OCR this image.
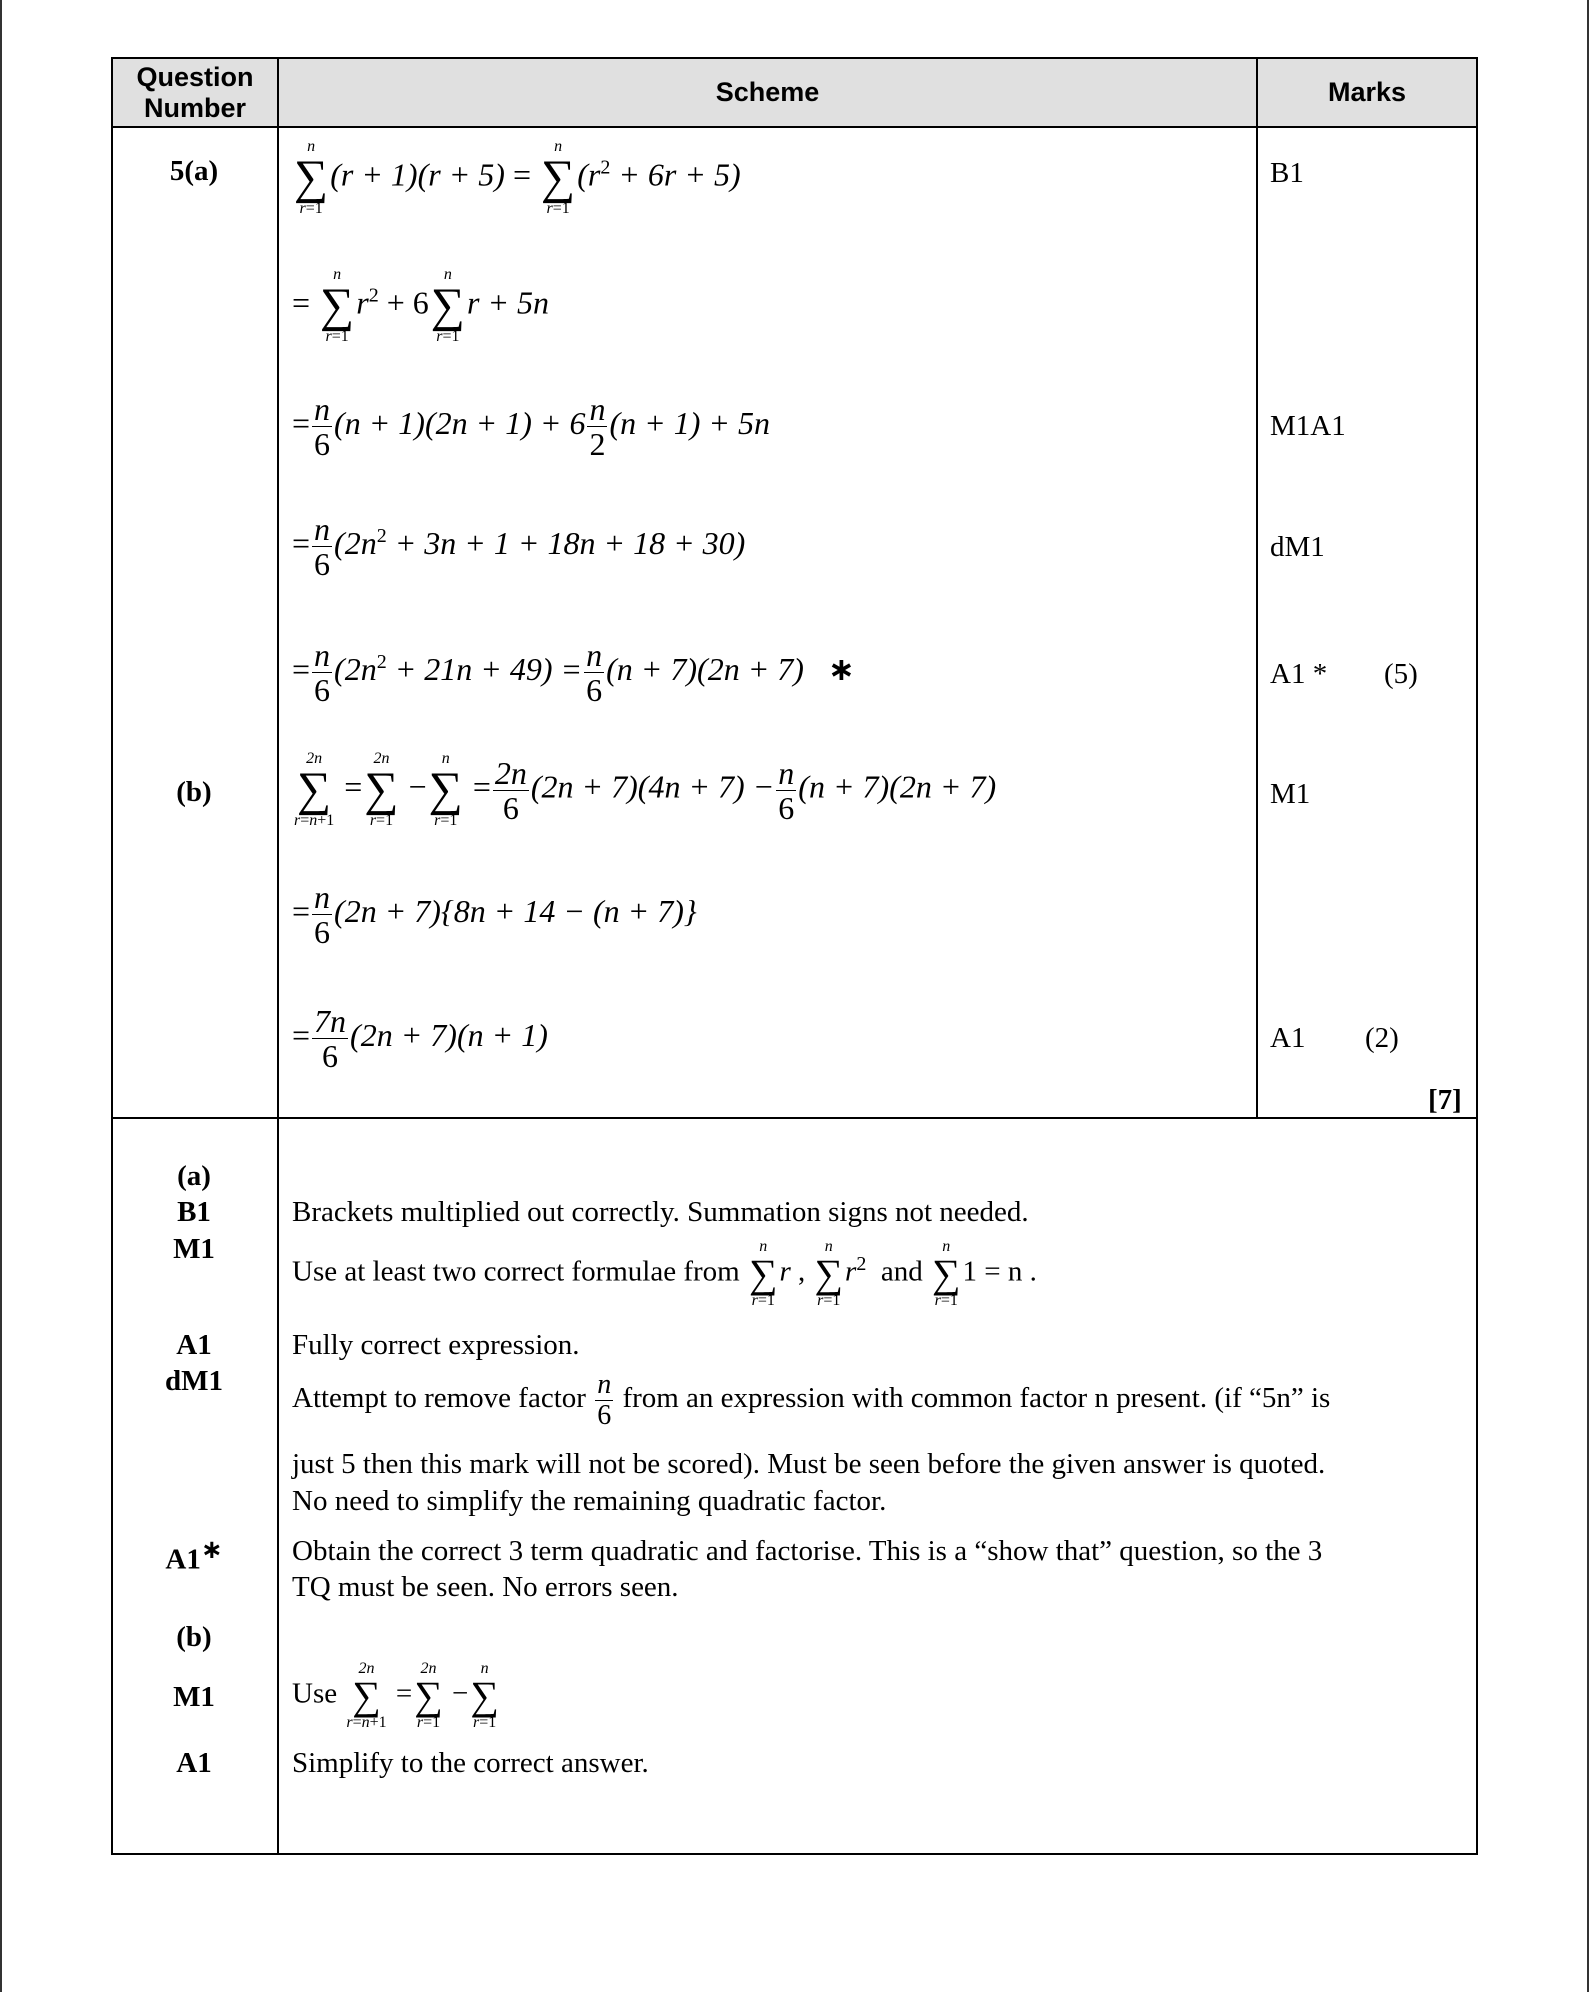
Question Number
Scheme	Marks
5(a)
(b)
n
∑
r=1
(r + 1)(r + 5) =
n
∑
r=1
$(r^2 + 6r + 5)$
=
n
∑
r=1
$r^2 + 6$
n
∑
r=1
r + 5n
= $\frac{n}{6} (n + 1)(2n + 1) + 6 \frac{n}{2} (n + 1) + 5n$
= $\frac{n}{6} (2n^2 + 3n + 1 + 18n + 18 + 30)$
= $\frac{n}{6} (2n^2 + 21n + 49) = \frac{n}{6} (n + 7)(2n + 7)$ ∗
2n
∑
r=n+1
=
2n
∑
r=1
−
n
∑
r=1
= $\frac{2n}{6} (2n + 7)(4n + 7) - \frac{n}{6} (n + 7)(2n + 7)$
= $\frac{n}{6} (2n + 7)\{8n + 14 - (n + 7)\}$
= $\frac{7n}{6} (2n + 7)(n + 1)$
B1
M1A1
dM1
A1 * (5)
M1
A1 (2)
[7]
(a)
B1
M1
A1
dM1
A1∗
(b)
M1
A1
Brackets multiplied out correctly. Summation signs not needed.
Use at least two correct formulae from
n
∑
r=1
r ,
n
∑
r=1
$r^2$ and
n
∑
r=1
1 = n .
Fully correct expression.
Attempt to remove factor $\frac{n}{6}$ from an expression with common factor n present. (if “5n” is
just 5 then this mark will not be scored). Must be seen before the given answer is quoted.
No need to simplify the remaining quadratic factor.
Obtain the correct 3 term quadratic and factorise. This is a “show that” question, so the 3
TQ must be seen. No errors seen.
Use
2n
∑
r=n+1
=
2n
∑
r=1
−
n
∑
r=1
Simplify to the correct answer.
